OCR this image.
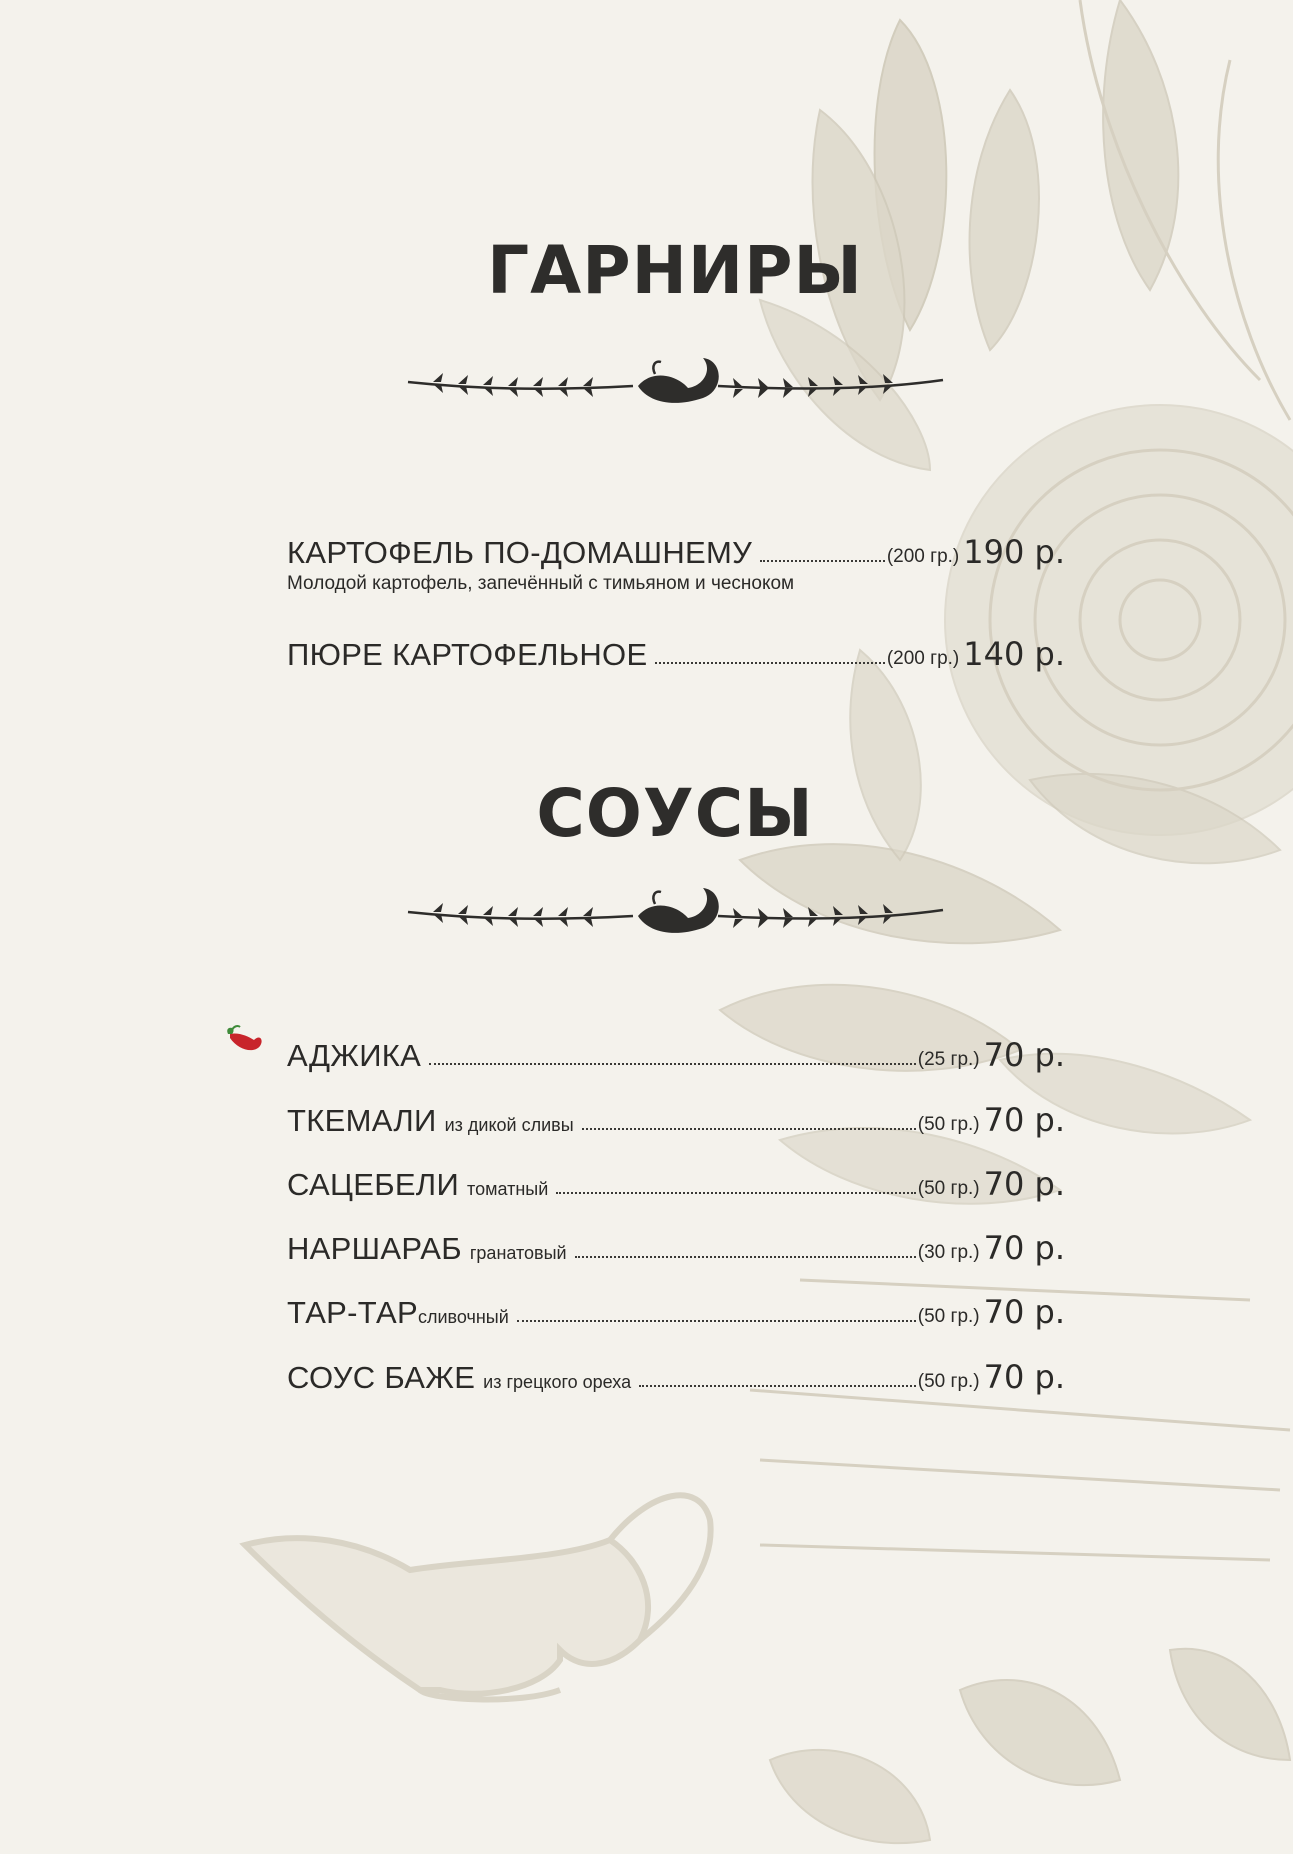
ГАРНИРЫ
КАРТОФЕЛЬ ПО-ДОМАШНЕМУ	(200 гр.) 190 р.
Молодой картофель, запечённый с тимьяном и чесноком
ПЮРЕ КАРТОФЕЛЬНОЕ	(200 гр.) 140 р.
СОУСЫ
АДЖИКА	(25 гр.) 70 р.
ТКЕМАЛИ из дикой сливы	(50 гр.) 70 р.
САЦЕБЕЛИ томатный	(50 гр.) 70 р.
НАРШАРАБ гранатовый	(30 гр.) 70 р.
ТАР-ТАР сливочный	(50 гр.) 70 р.
СОУС БАЖЕ из грецкого ореха	(50 гр.) 70 р.
